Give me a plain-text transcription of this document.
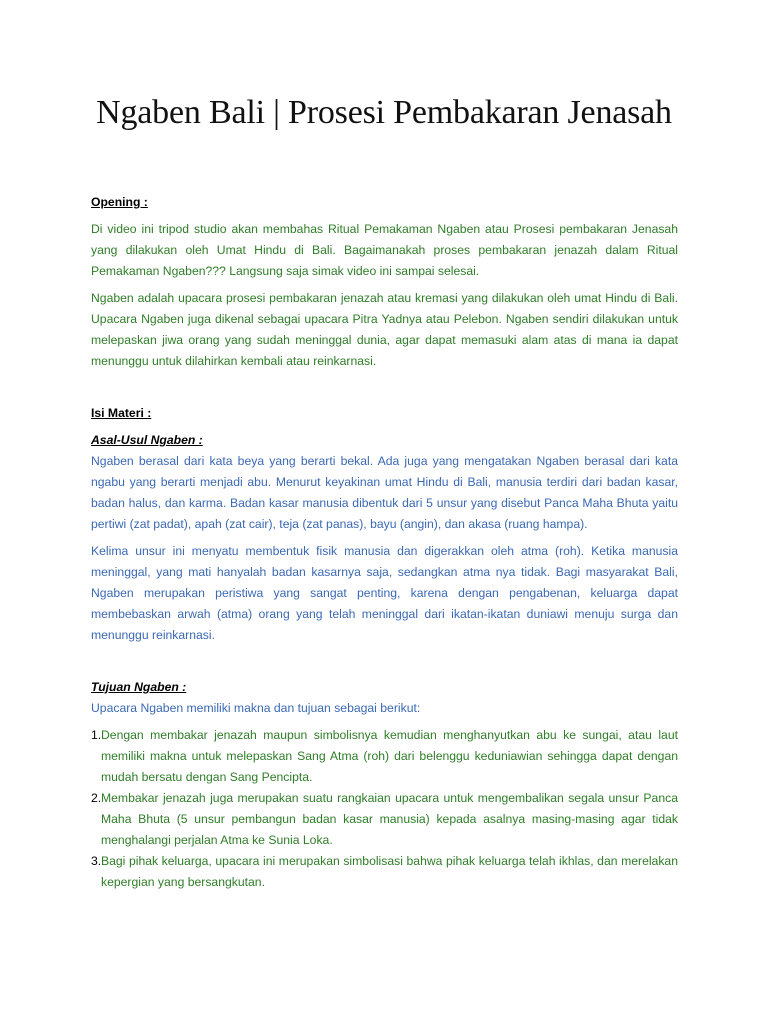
Ngaben Bali | Prosesi Pembakaran Jenasah
Opening :

Di video ini tripod studio akan membahas Ritual Pemakaman Ngaben atau Prosesi pembakaran Jenasah yang dilakukan oleh Umat Hindu di Bali. Bagaimanakah proses pembakaran jenazah dalam Ritual Pemakaman Ngaben??? Langsung saja simak video ini sampai selesai.

Ngaben adalah upacara prosesi pembakaran jenazah atau kremasi yang dilakukan oleh umat Hindu di Bali. Upacara Ngaben juga dikenal sebagai upacara Pitra Yadnya atau Pelebon. Ngaben sendiri dilakukan untuk melepaskan jiwa orang yang sudah meninggal dunia, agar dapat memasuki alam atas di mana ia dapat menunggu untuk dilahirkan kembali atau reinkarnasi.

Isi Materi :
Asal-Usul Ngaben :

Ngaben berasal dari kata beya yang berarti bekal. Ada juga yang mengatakan Ngaben berasal dari kata ngabu yang berarti menjadi abu. Menurut keyakinan umat Hindu di Bali, manusia terdiri dari badan kasar, badan halus, dan karma. Badan kasar manusia dibentuk dari 5 unsur yang disebut Panca Maha Bhuta yaitu pertiwi (zat padat), apah (zat cair), teja (zat panas), bayu (angin), dan akasa (ruang hampa).

Kelima unsur ini menyatu membentuk fisik manusia dan digerakkan oleh atma (roh). Ketika manusia meninggal, yang mati hanyalah badan kasarnya saja, sedangkan atma nya tidak. Bagi masyarakat Bali, Ngaben merupakan peristiwa yang sangat penting, karena dengan pengabenan, keluarga dapat membebaskan arwah (atma) orang yang telah meninggal dari ikatan-ikatan duniawi menuju surga dan menunggu reinkarnasi.

Tujuan Ngaben :

Upacara Ngaben memiliki makna dan tujuan sebagai berikut:

1. Dengan membakar jenazah maupun simbolisnya kemudian menghanyutkan abu ke sungai, atau laut memiliki makna untuk melepaskan Sang Atma (roh) dari belenggu keduniawian sehingga dapat dengan mudah bersatu dengan Sang Pencipta.
2. Membakar jenazah juga merupakan suatu rangkaian upacara untuk mengembalikan segala unsur Panca Maha Bhuta (5 unsur pembangun badan kasar manusia) kepada asalnya masing-masing agar tidak menghalangi perjalan Atma ke Sunia Loka.
3. Bagi pihak keluarga, upacara ini merupakan simbolisasi bahwa pihak keluarga telah ikhlas, dan merelakan kepergian yang bersangkutan.
